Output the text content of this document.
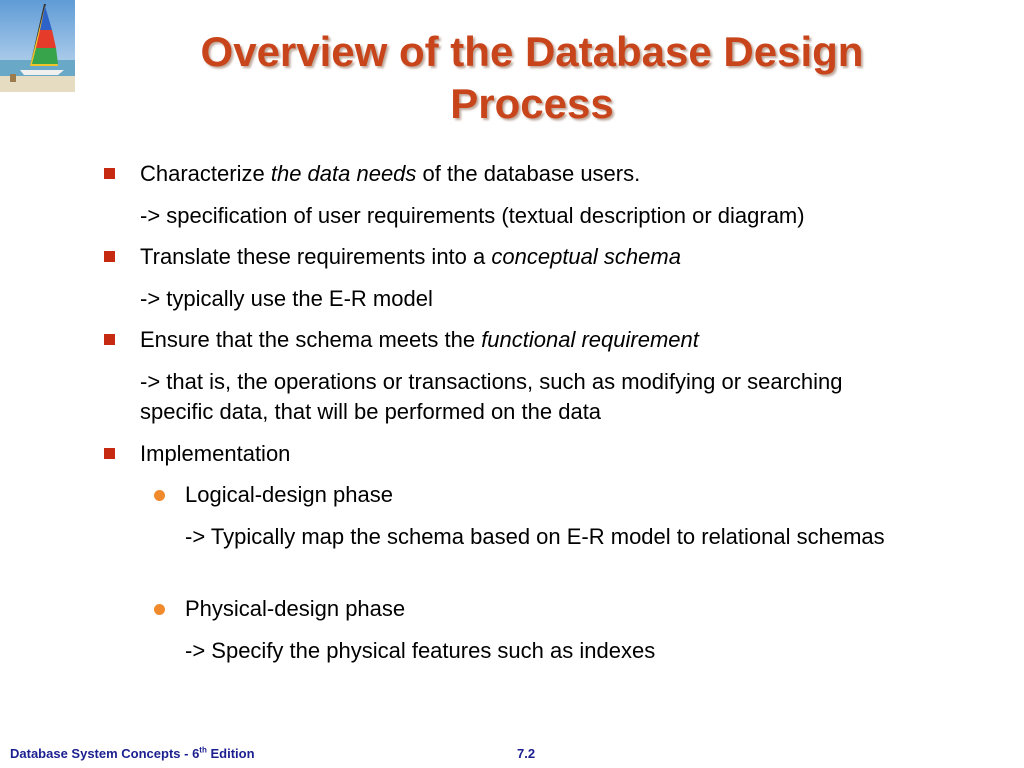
Overview of the Database Design
Process
Characterize the data needs of the database users.
-> specification of user requirements (textual description or diagram)
Translate these requirements into a conceptual schema
-> typically use the E-R model
Ensure that the schema meets the functional requirement
-> that is, the operations or transactions, such as modifying or searching specific data, that will be performed on the data
Implementation
Logical-design phase
-> Typically map the schema based on E-R model to relational schemas
Physical-design phase
-> Specify the physical features such as indexes
Database System Concepts - 6th Edition	7.2
